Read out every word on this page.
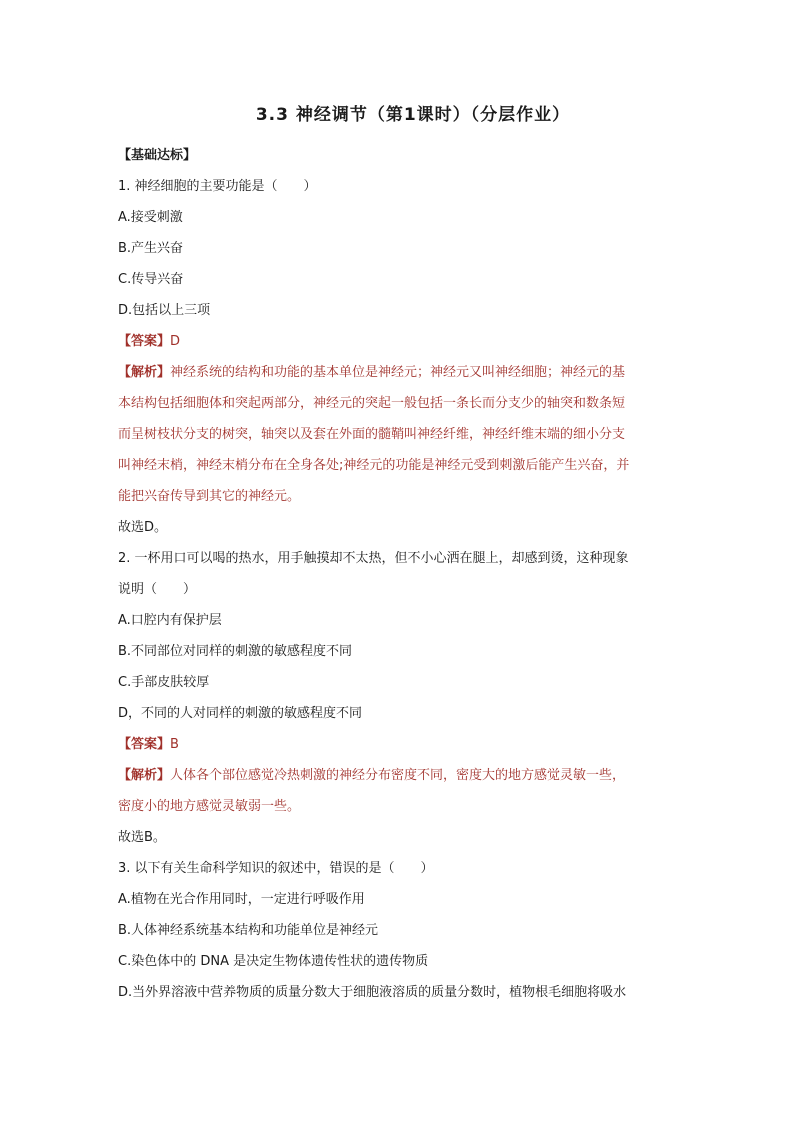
3.3 神经调节（第1课时）（分层作业）
【基础达标】
1. 神经细胞的主要功能是（　　）
A.接受刺激
B.产生兴奋
C.传导兴奋
D.包括以上三项
【答案】D
【解析】神经系统的结构和功能的基本单位是神经元；神经元又叫神经细胞；神经元的基
本结构包括细胞体和突起两部分，神经元的突起一般包括一条长而分支少的轴突和数条短
而呈树枝状分支的树突，轴突以及套在外面的髓鞘叫神经纤维，神经纤维末端的细小分支
叫神经末梢，神经末梢分布在全身各处;神经元的功能是神经元受到刺激后能产生兴奋，并
能把兴奋传导到其它的神经元。
故选D。
2. 一杯用口可以喝的热水，用手触摸却不太热，但不小心洒在腿上，却感到烫，这种现象
说明（　　）
A.口腔内有保护层
B.不同部位对同样的刺激的敏感程度不同
C.手部皮肤较厚
D，不同的人对同样的刺激的敏感程度不同
【答案】B
【解析】人体各个部位感觉冷热刺激的神经分布密度不同，密度大的地方感觉灵敏一些，
密度小的地方感觉灵敏弱一些。
故选B。
3. 以下有关生命科学知识的叙述中，错误的是（　　）
A.植物在光合作用同时，一定进行呼吸作用
B.人体神经系统基本结构和功能单位是神经元
C.染色体中的 DNA 是决定生物体遗传性状的遗传物质
D.当外界溶液中营养物质的质量分数大于细胞液溶质的质量分数时，植物根毛细胞将吸水
